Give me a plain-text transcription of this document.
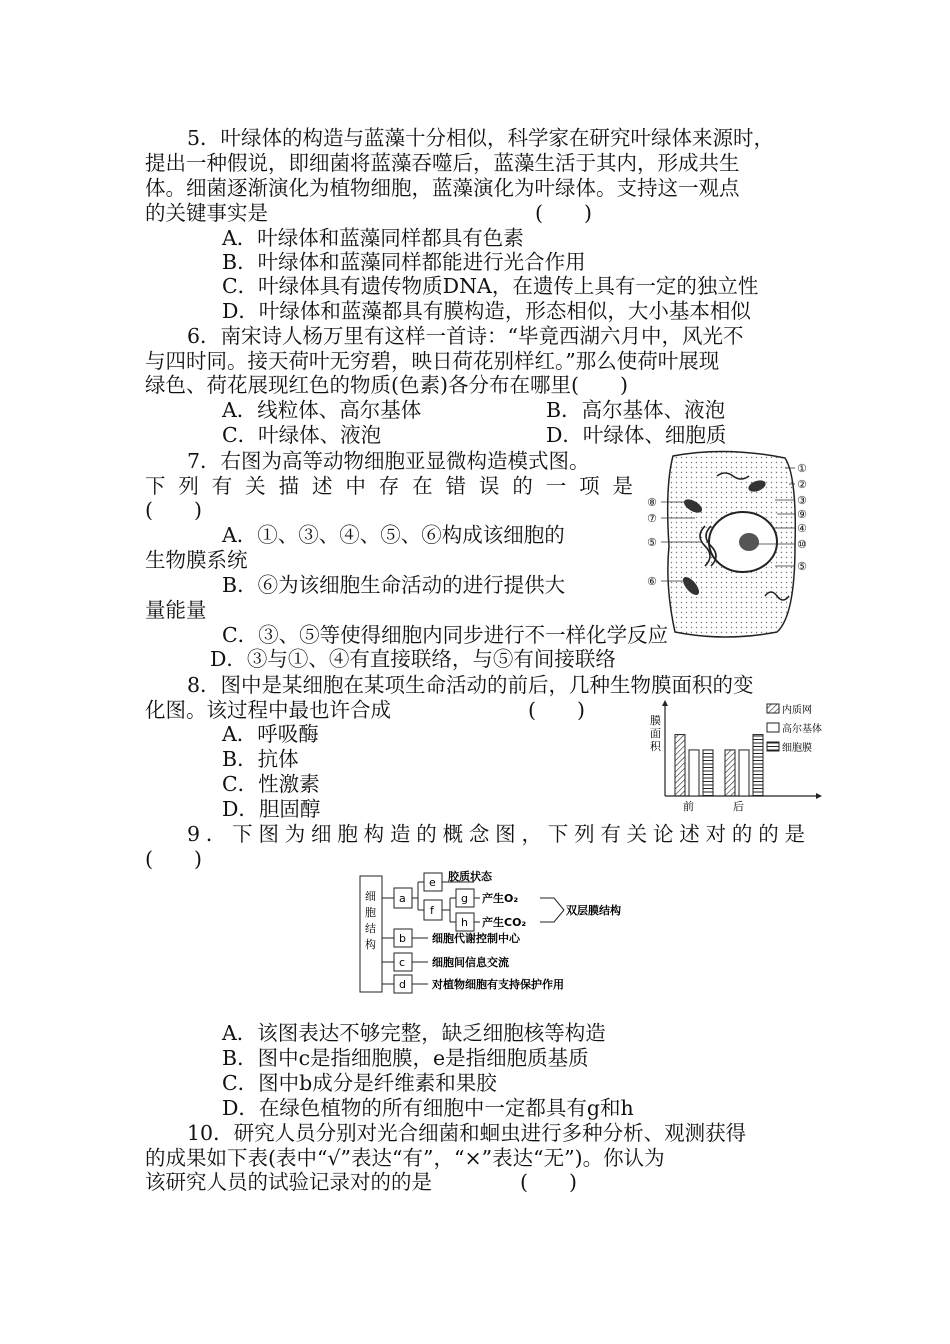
5．叶绿体的构造与蓝藻十分相似，科学家在研究叶绿体来源时，
提出一种假说，即细菌将蓝藻吞噬后，蓝藻生活于其内，形成共生
体。细菌逐渐演化为植物细胞，蓝藻演化为叶绿体。支持这一观点
的关键事实是	(　　)
A．叶绿体和蓝藻同样都具有色素
B．叶绿体和蓝藻同样都能进行光合作用
C．叶绿体具有遗传物质DNA，在遗传上具有一定的独立性
D．叶绿体和蓝藻都具有膜构造，形态相似，大小基本相似
6．南宋诗人杨万里有这样一首诗：“毕竟西湖六月中，风光不
与四时同。接天荷叶无穷碧，映日荷花别样红。”那么使荷叶展现
绿色、荷花展现红色的物质(色素)各分布在哪里(　　)
A．线粒体、高尔基体	B．高尔基体、液泡
C．叶绿体、液泡	D．叶绿体、细胞质
7．右图为高等动物细胞亚显微构造模式图。
下列有关描述中存在错误的一项是
(　　)
A．①、③、④、⑤、⑥构成该细胞的
生物膜系统
B．⑥为该细胞生命活动的进行提供大
量能量
C．③、⑤等使得细胞内同步进行不一样化学反应
D．③与①、④有直接联络，与⑤有间接联络
①
②
③
⑨
④
⑩
⑤
⑧
⑦
⑤
⑥
8．图中是某细胞在某项生命活动的前后，几种生物膜面积的变
化图。该过程中最也许合成	(　　)
A．呼吸酶
B．抗体
C．性激素
D．胆固醇
膜
面
积
前	后
内质网
高尔基体
细胞膜
9．下图为细胞构造的概念图，下列有关论述对的的是
(　　)
细
胞
结
构
a
e
f
g
h
b
c
d
胶质状态
产生O₂
产生CO₂
双层膜结构
细胞代谢控制中心
细胞间信息交流
对植物细胞有支持保护作用
A．该图表达不够完整，缺乏细胞核等构造
B．图中c是指细胞膜，e是指细胞质基质
C．图中b成分是纤维素和果胶
D．在绿色植物的所有细胞中一定都具有g和h
10．研究人员分别对光合细菌和蛔虫进行多种分析、观测获得
的成果如下表(表中“√”表达“有”，“×”表达“无”)。你认为
该研究人员的试验记录对的的是	(　　)
